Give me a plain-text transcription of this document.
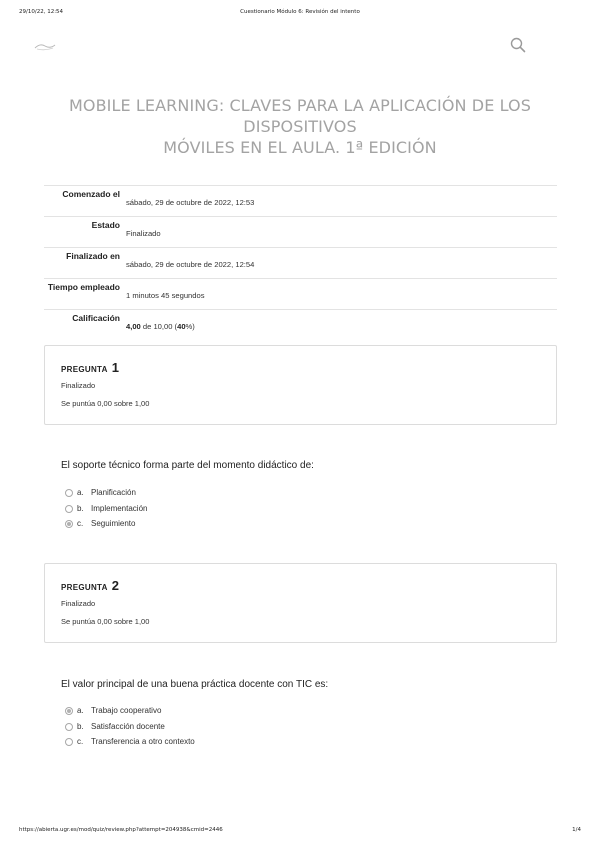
29/10/22, 12:54	Cuestionario Módulo 6: Revisión del intento
MOBILE LEARNING: CLAVES PARA LA APLICACIÓN DE LOS DISPOSITIVOS
MÓVILES EN EL AULA. 1ª EDICIÓN
Comenzado el
sábado, 29 de octubre de 2022, 12:53
Estado
Finalizado
Finalizado en
sábado, 29 de octubre de 2022, 12:54
Tiempo empleado
1 minutos 45 segundos
Calificación
4,00 de 10,00 (40%)
PREGUNTA 1
Finalizado
Se puntúa 0,00 sobre 1,00
El soporte técnico forma parte del momento didáctico de:
a. Planificación
b. Implementación
c. Seguimiento
PREGUNTA 2
Finalizado
Se puntúa 0,00 sobre 1,00
El valor principal de una buena práctica docente con TIC es:
a. Trabajo cooperativo
b. Satisfacción docente
c. Transferencia a otro contexto
https://abierta.ugr.es/mod/quiz/review.php?attempt=204938&cmid=2446	1/4
